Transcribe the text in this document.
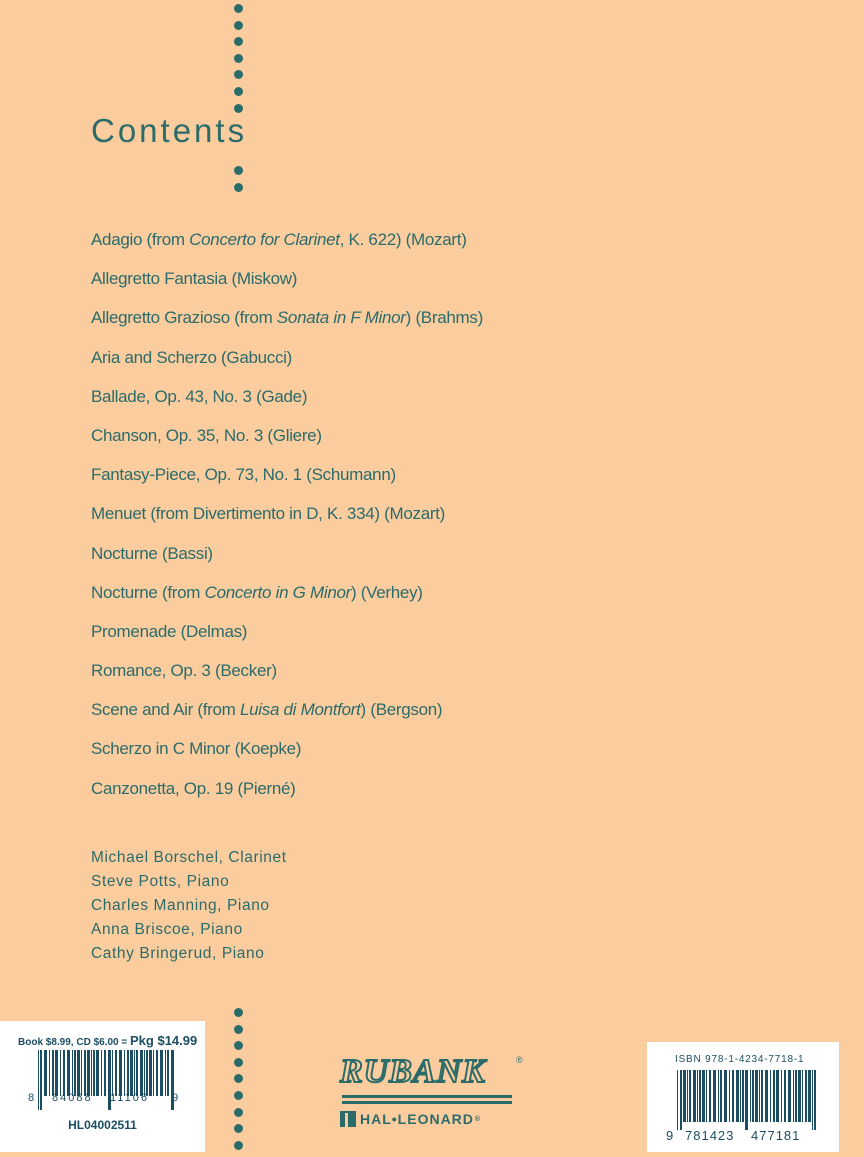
Contents
Adagio (from Concerto for Clarinet, K. 622) (Mozart)
Allegretto Fantasia (Miskow)
Allegretto Grazioso (from Sonata in F Minor) (Brahms)
Aria and Scherzo (Gabucci)
Ballade, Op. 43, No. 3 (Gade)
Chanson, Op. 35, No. 3 (Gliere)
Fantasy-Piece, Op. 73, No. 1 (Schumann)
Menuet (from Divertimento in D, K. 334) (Mozart)
Nocturne (Bassi)
Nocturne (from Concerto in G Minor) (Verhey)
Promenade (Delmas)
Romance, Op. 3 (Becker)
Scene and Air (from Luisa di Montfort) (Bergson)
Scherzo in C Minor (Koepke)
Canzonetta, Op. 19 (Pierné)
Michael Borschel, Clarinet
Steve Potts, Piano
Charles Manning, Piano
Anna Briscoe, Piano
Cathy Bringerud, Piano
Book $8.99, CD $6.00 = Pkg $14.99
8 84088 11106 9
HL04002511
RUBANK	®
HAL•LEONARD ®
ISBN 978-1-4234-7718-1
9 781423 477181
